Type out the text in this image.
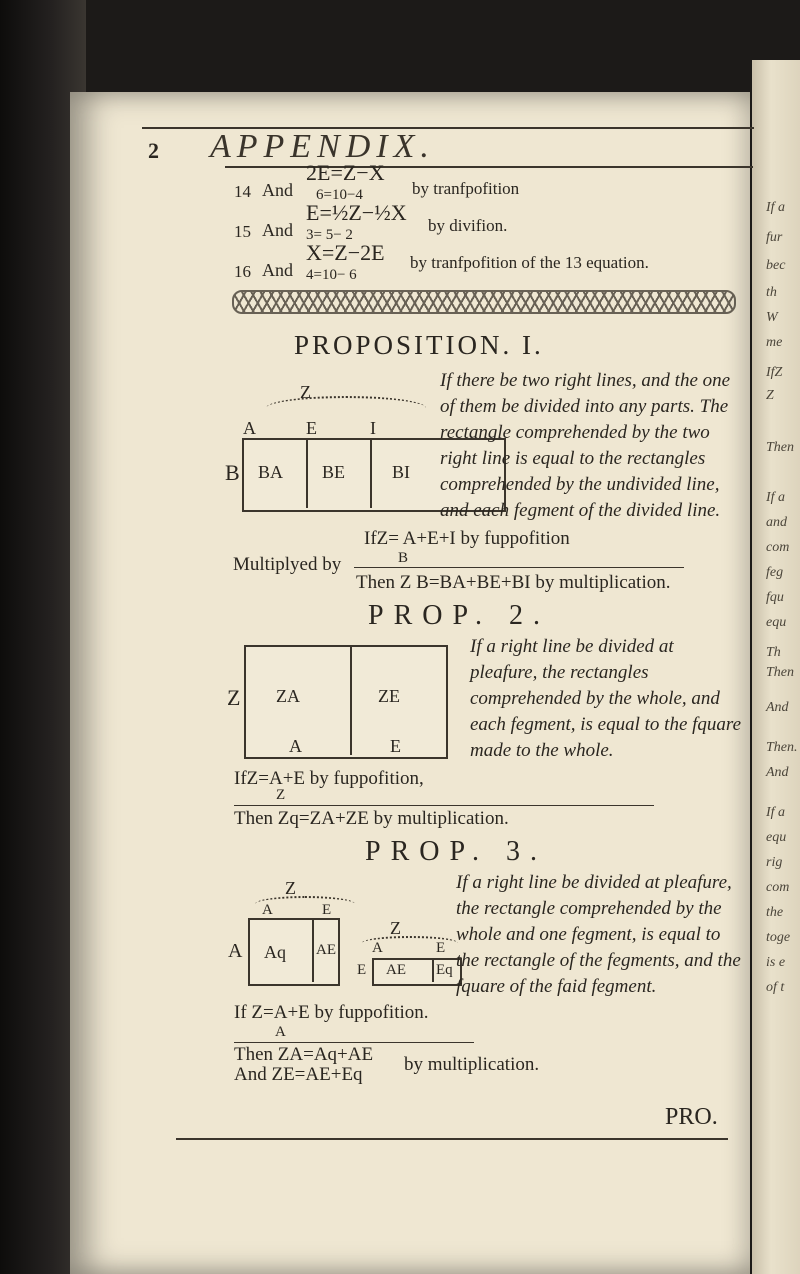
If a
fur
bec
th
W
me
IfZ
Z
Then
If a
and
com
feg
fqu
equ
Th
Then
And
Then.
And
If a
equ
rig
com
the
toge
is e
of t
2 APPENDIX.
14 And
2E=Z−X
6=10−4	by tranfpofition
15 And
E=½Z−½X
3= 5− 2	by divifion.
16 And
X=Z−2E
4=10− 6
by tranfpofition of the 13 equation.
PROPOSITION. I.
Z
A	E	I
B BA BE	BI
If there be two right lines, and the one of them be divided into any parts. The rectangle comprehended by the two right line is equal to the rectangles comprehended by the undivided line, and each fegment of the divided line.
IfZ= A+E+I by fuppofition
Multiplyed by	B
Then Z B=BA+BE+BI by multiplication.
PROP. 2.
Z ZA	ZE
A	E
If a right line be divided at pleafure, the rectangles comprehended by the whole, and each fegment, is equal to the fquare made to the whole.
IfZ=A+E by fuppofition,
Z
Then Zq=ZA+ZE by multiplication.
PROP. 3.
Z
A	E
A Aq AE
Z
A	E
E AE Eq
If a right line be divided at pleafure, the rectangle comprehended by the whole and one fegment, is equal to the rectangle of the fegments, and the fquare of the faid fegment.
If Z=A+E by fuppofition.
A
Then ZA=Aq+AE
And ZE=AE+Eq by multiplication.
PRO.
